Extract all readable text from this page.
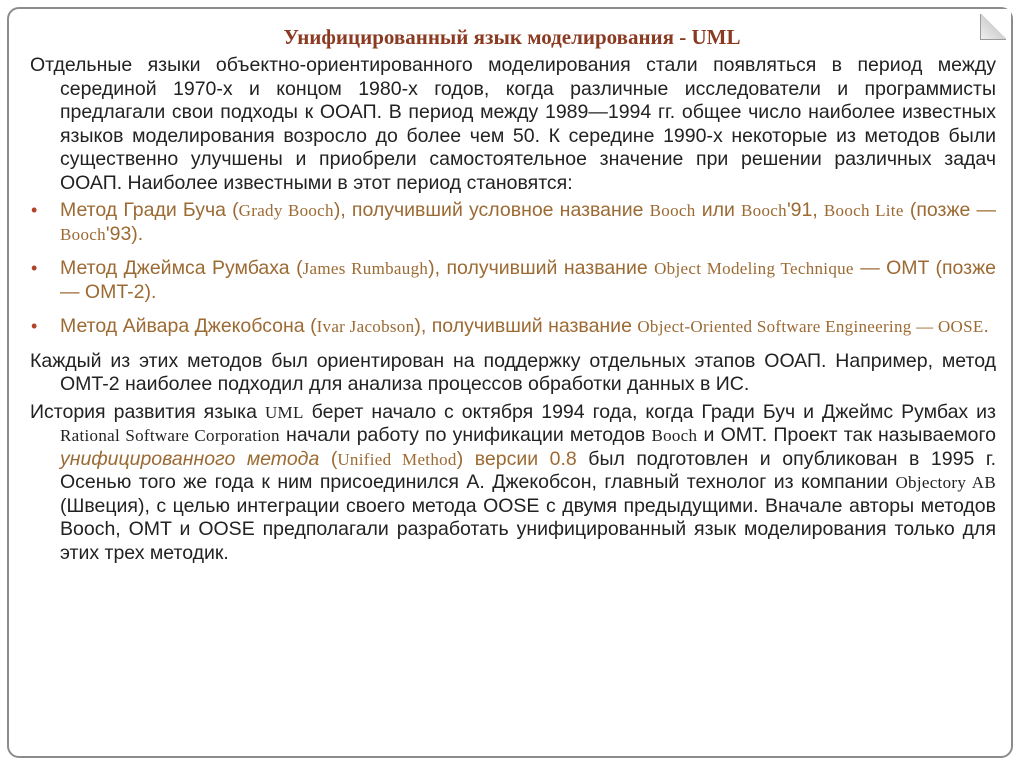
Унифицированный язык моделирования - UML

Отдельные языки объектно-ориентированного моделирования стали появляться в период между серединой 1970-х и концом 1980-х годов, когда различные исследователи и программисты предлагали свои подходы к ООАП. В период между 1989—1994 гг. общее число наиболее известных языков моделирования возросло до более чем 50. К середине 1990-х некоторые из методов были существенно улучшены и приобрели самостоятельное значение при решении различных задач ООАП. Наиболее известными в этот период становятся:

• Метод Гради Буча (Grady Booch), получивший условное название Booch или Booch'91, Booch Lite (позже — Booch'93).
• Метод Джеймса Румбаха (James Rumbaugh), получивший название Object Modeling Technique — OMT (позже — OMT-2).
• Метод Айвара Джекобсона (Ivar Jacobson), получивший название Object-Oriented Software Engineering — OOSE.

Каждый из этих методов был ориентирован на поддержку отдельных этапов ООАП. Например, метод OMT-2 наиболее подходил для анализа процессов обработки данных в ИС.

История развития языка UML берет начало с октября 1994 года, когда Гради Буч и Джеймс Румбах из Rational Software Corporation начали работу по унификации методов Booch и OMT. Проект так называемого унифицированного метода (Unified Method) версии 0.8 был подготовлен и опубликован в 1995 г. Осенью того же года к ним присоединился А. Джекобсон, главный технолог из компании Objectory AB (Швеция), с целью интеграции своего метода OOSE с двумя предыдущими. Вначале авторы методов Booch, OMT и OOSE предполагали разработать унифицированный язык моделирования только для этих трех методик.
